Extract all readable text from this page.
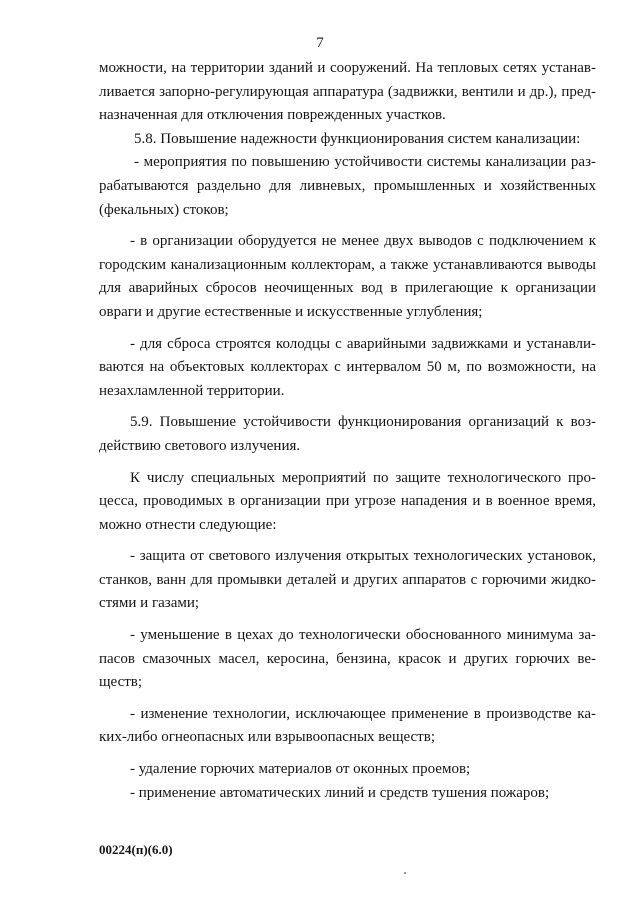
7
можности, на территории зданий и сооружений. На тепловых сетях устанав-
ливается запорно-регулирующая аппаратура (задвижки, вентили и др.), пред-
назначенная для отключения поврежденных участков.
5.8. Повышение надежности функционирования систем канализации:
- мероприятия по повышению устойчивости системы канализации раз-
рабатываются раздельно для ливневых, промышленных и хозяйственных
(фекальных) стоков;
- в организации оборудуется не менее двух выводов с подключением к
городским канализационным коллекторам, а также устанавливаются выводы
для аварийных сбросов неочищенных вод в прилегающие к организации
овраги и другие естественные и искусственные углубления;
- для сброса строятся колодцы с аварийными задвижками и устанавли-
ваются на объектовых коллекторах с интервалом 50 м, по возможности, на
незахламленной территории.
5.9. Повышение устойчивости функционирования организаций к воз-
действию светового излучения.
К числу специальных мероприятий по защите технологического про-
цесса, проводимых в организации при угрозе нападения и в военное время,
можно отнести следующие:
- защита от светового излучения открытых технологических установок,
станков, ванн для промывки деталей и других аппаратов с горючими жидко-
стями и газами;
- уменьшение в цехах до технологически обоснованного минимума за-
пасов смазочных масел, керосина, бензина, красок и других горючих ве-
ществ;
- изменение технологии, исключающее применение в производстве ка-
ких-либо огнеопасных или взрывоопасных веществ;
- удаление горючих материалов от оконных проемов;
- применение автоматических линий и средств тушения пожаров;
00224(п)(6.0)
